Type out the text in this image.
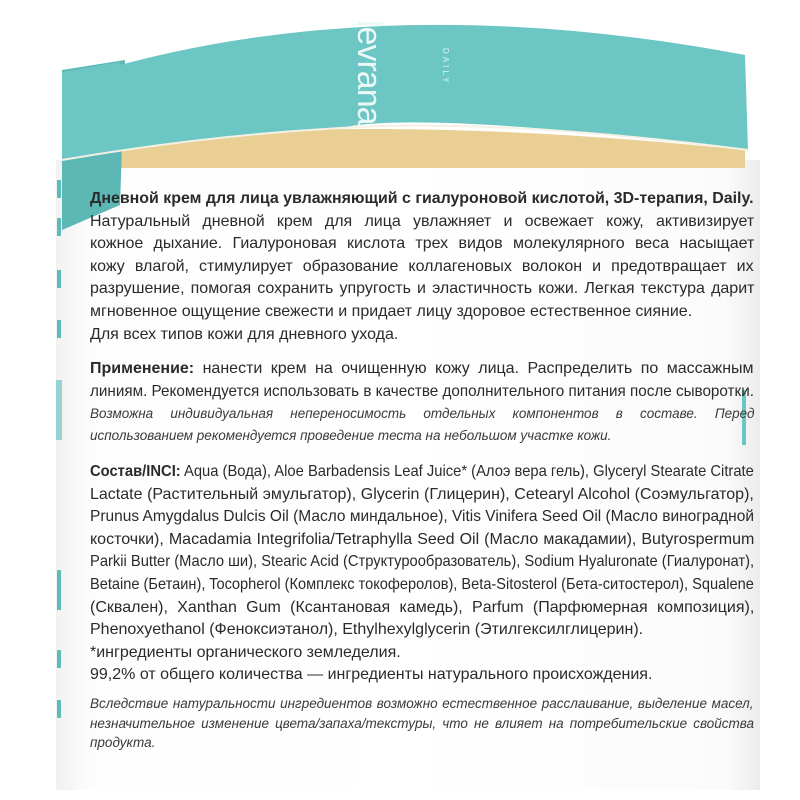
levrana	DAILY
Дневной крем для лица увлажняющий с гиалуроновой кислотой, 3D-терапия, Daily.
Натуральный дневной крем для лица увлажняет и освежает кожу, активизирует
кожное дыхание. Гиалуроновая кислота трех видов молекулярного веса насыщает
кожу влагой, стимулирует образование коллагеновых волокон и предотвращает их
разрушение, помогая сохранить упругость и эластичность кожи. Легкая текстура дарит
мгновенное ощущение свежести и придает лицу здоровое естественное сияние.
Для всех типов кожи для дневного ухода.
Применение: нанести крем на очищенную кожу лица. Распределить по массажным
линиям. Рекомендуется использовать в качестве дополнительного питания после сыворотки.
Возможна индивидуальная непереносимость отдельных компонентов в составе. Перед
использованием рекомендуется проведение теста на небольшом участке кожи.
Состав/INCI: Aqua (Вода), Aloe Barbadensis Leaf Juice* (Алоэ вера гель), Glyceryl Stearate Citrate
Lactate (Растительный эмульгатор), Glycerin (Глицерин), Cetearyl Alcohol (Соэмульгатор),
Prunus Amygdalus Dulcis Oil (Масло миндальное), Vitis Vinifera Seed Oil (Масло виноградной
косточки), Macadamia Integrifolia/Tetraphylla Seed Oil (Масло макадамии), Butyrospermum
Parkii Butter (Масло ши), Stearic Acid (Структурообразователь), Sodium Hyaluronate (Гиалуронат),
Betaine (Бетаин), Tocopherol (Комплекс токоферолов), Beta-Sitosterol (Бета-ситостерол), Squalene
(Сквален), Xanthan Gum (Ксантановая камедь), Parfum (Парфюмерная композиция),
Phenoxyethanol (Феноксиэтанол), Ethylhexylglycerin (Этилгексилглицерин).
*ингредиенты органического земледелия.
99,2% от общего количества — ингредиенты натурального происхождения.
Вследствие натуральности ингредиентов возможно естественное расслаивание, выделение масел,
незначительное изменение цвета/запаха/текстуры, что не влияет на потребительские свойства
продукта.
